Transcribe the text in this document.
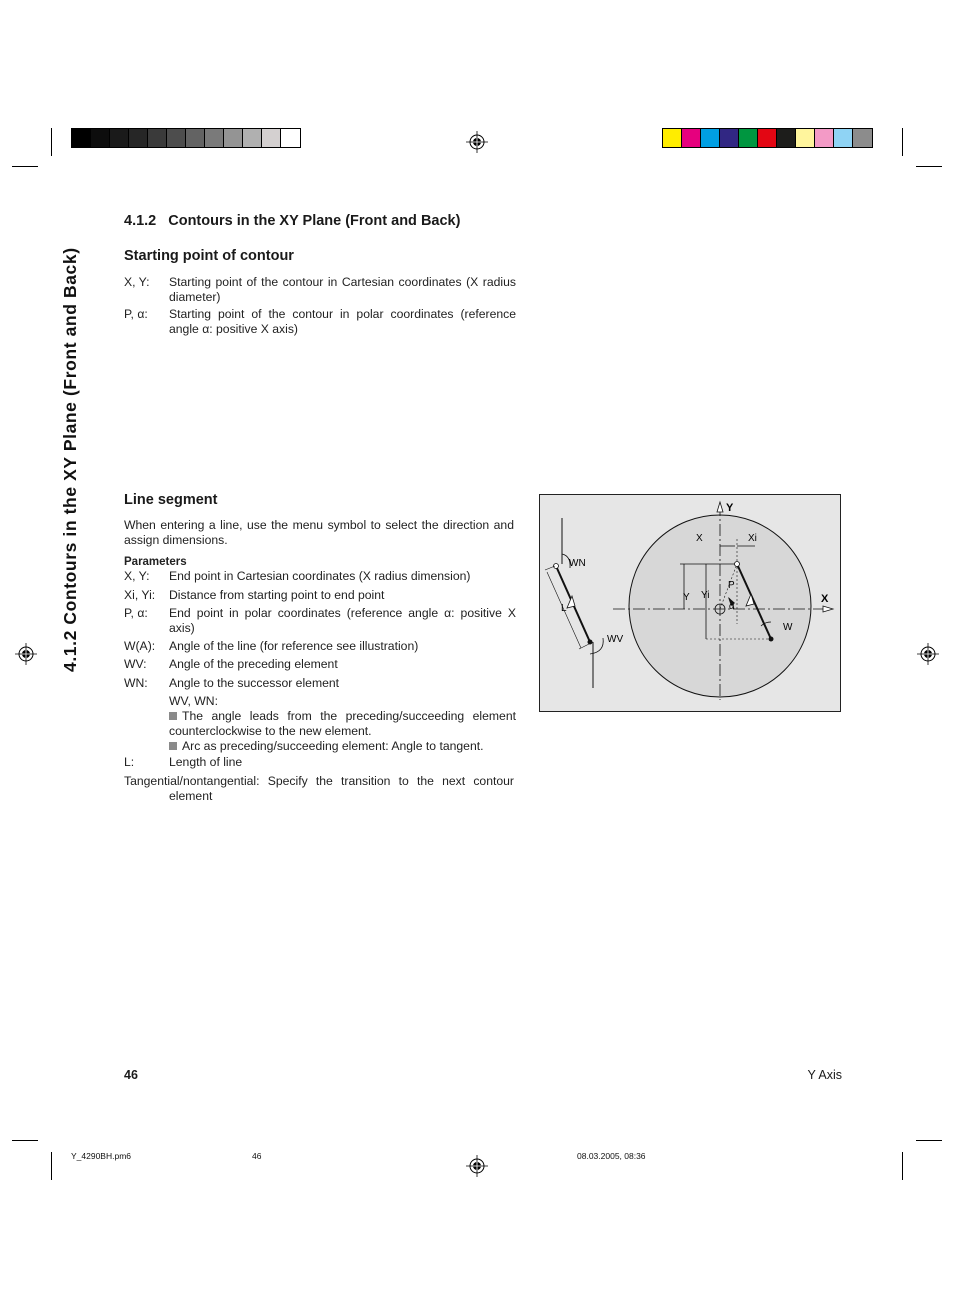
4.1.2 Contours in the XY Plane (Front and Back)
4.1.2 Contours in the XY Plane (Front and Back)
Starting point of contour
X, Y: Starting point of the contour in Cartesian coordinates (X radius diameter)
P, α: Starting point of the contour in polar coordinates (reference angle α: positive X axis)
Line segment
When entering a line, use the menu symbol to select the direction and assign dimensions.
Parameters
X, Y: End point in Cartesian coordinates (X radius dimension)
Xi, Yi: Distance from starting point to end point
P, α: End point in polar coordinates (reference angle α: positive X axis)
W(A): Angle of the line (for reference see illustration)
WV: Angle of the preceding element
WN: Angle to the successor element
WV, WN:
The angle leads from the preceding/succeeding element counterclockwise to the new element.
Arc as preceding/succeeding element: Angle to tangent.
L:	Length of line
Tangential/nontangential: Specify the transition to the next contour element
Y
X
X	Xi
Y Yi
P
α
W
WN
WV
L
46	Y Axis
Y_4290BH.pm6	46	08.03.2005, 08:36
